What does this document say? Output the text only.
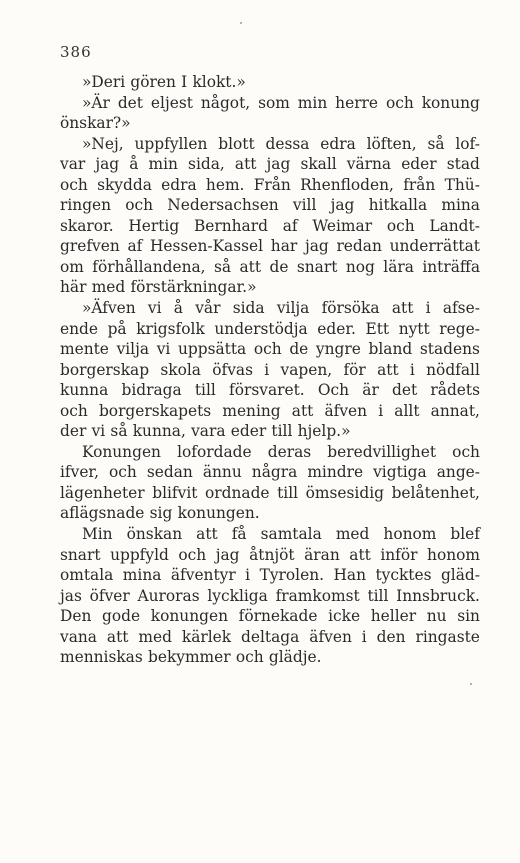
386
»Deri gören I klokt.»
»Är det eljest något, som min herre och konung
önskar?»
»Nej, uppfyllen blott dessa edra löften, så lof-
var jag å min sida, att jag skall värna eder stad
och skydda edra hem. Från Rhenfloden, från Thü-
ringen och Nedersachsen vill jag hitkalla mina
skaror. Hertig Bernhard af Weimar och Landt-
grefven af Hessen-Kassel har jag redan underrättat
om förhållandena, så att de snart nog lära inträffa
här med förstärkningar.»
»Äfven vi å vår sida vilja försöka att i afse-
ende på krigsfolk understödja eder. Ett nytt rege-
mente vilja vi uppsätta och de yngre bland stadens
borgerskap skola öfvas i vapen, för att i nödfall
kunna bidraga till försvaret. Och är det rådets
och borgerskapets mening att äfven i allt annat,
der vi så kunna, vara eder till hjelp.»
Konungen lofordade deras beredvillighet och
ifver, och sedan ännu några mindre vigtiga ange-
lägenheter blifvit ordnade till ömsesidig belåtenhet,
aflägsnade sig konungen.
Min önskan att få samtala med honom blef
snart uppfyld och jag åtnjöt äran att inför honom
omtala mina äfventyr i Tyrolen. Han tycktes gläd-
jas öfver Auroras lyckliga framkomst till Innsbruck.
Den gode konungen förnekade icke heller nu sin
vana att med kärlek deltaga äfven i den ringaste
menniskas bekymmer och glädje.
